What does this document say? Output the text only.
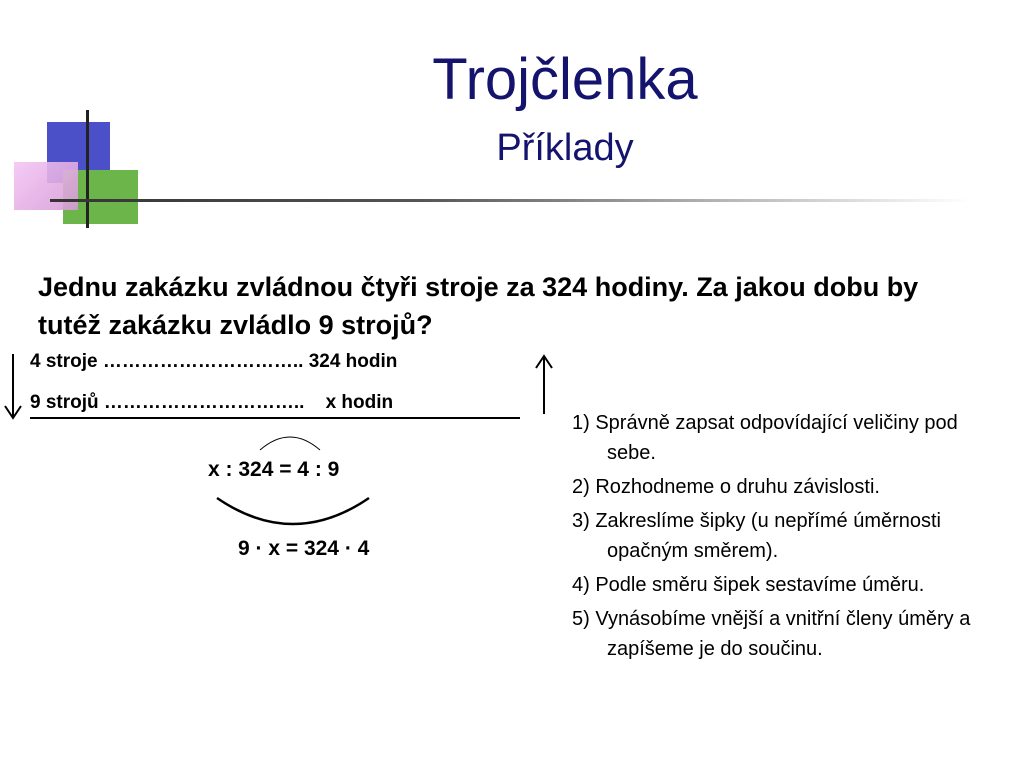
Trojčlenka
Příklady
Jednu zakázku zvládnou čtyři stroje za 324 hodiny. Za jakou dobu by tutéž zakázku zvládlo 9 strojů?
4 stroje ………………………….. 324 hodin
9 strojů …………………………..    x hodin
x : 324 = 4 : 9
9 · x = 324 · 4
1) Správně zapsat odpovídající veličiny pod sebe.
2) Rozhodneme o druhu závislosti.
3) Zakreslíme šipky (u nepřímé úměrnosti opačným směrem).
4) Podle směru šipek sestavíme úměru.
5) Vynásobíme vnější a vnitřní členy úměry a zapíšeme je do součinu.
